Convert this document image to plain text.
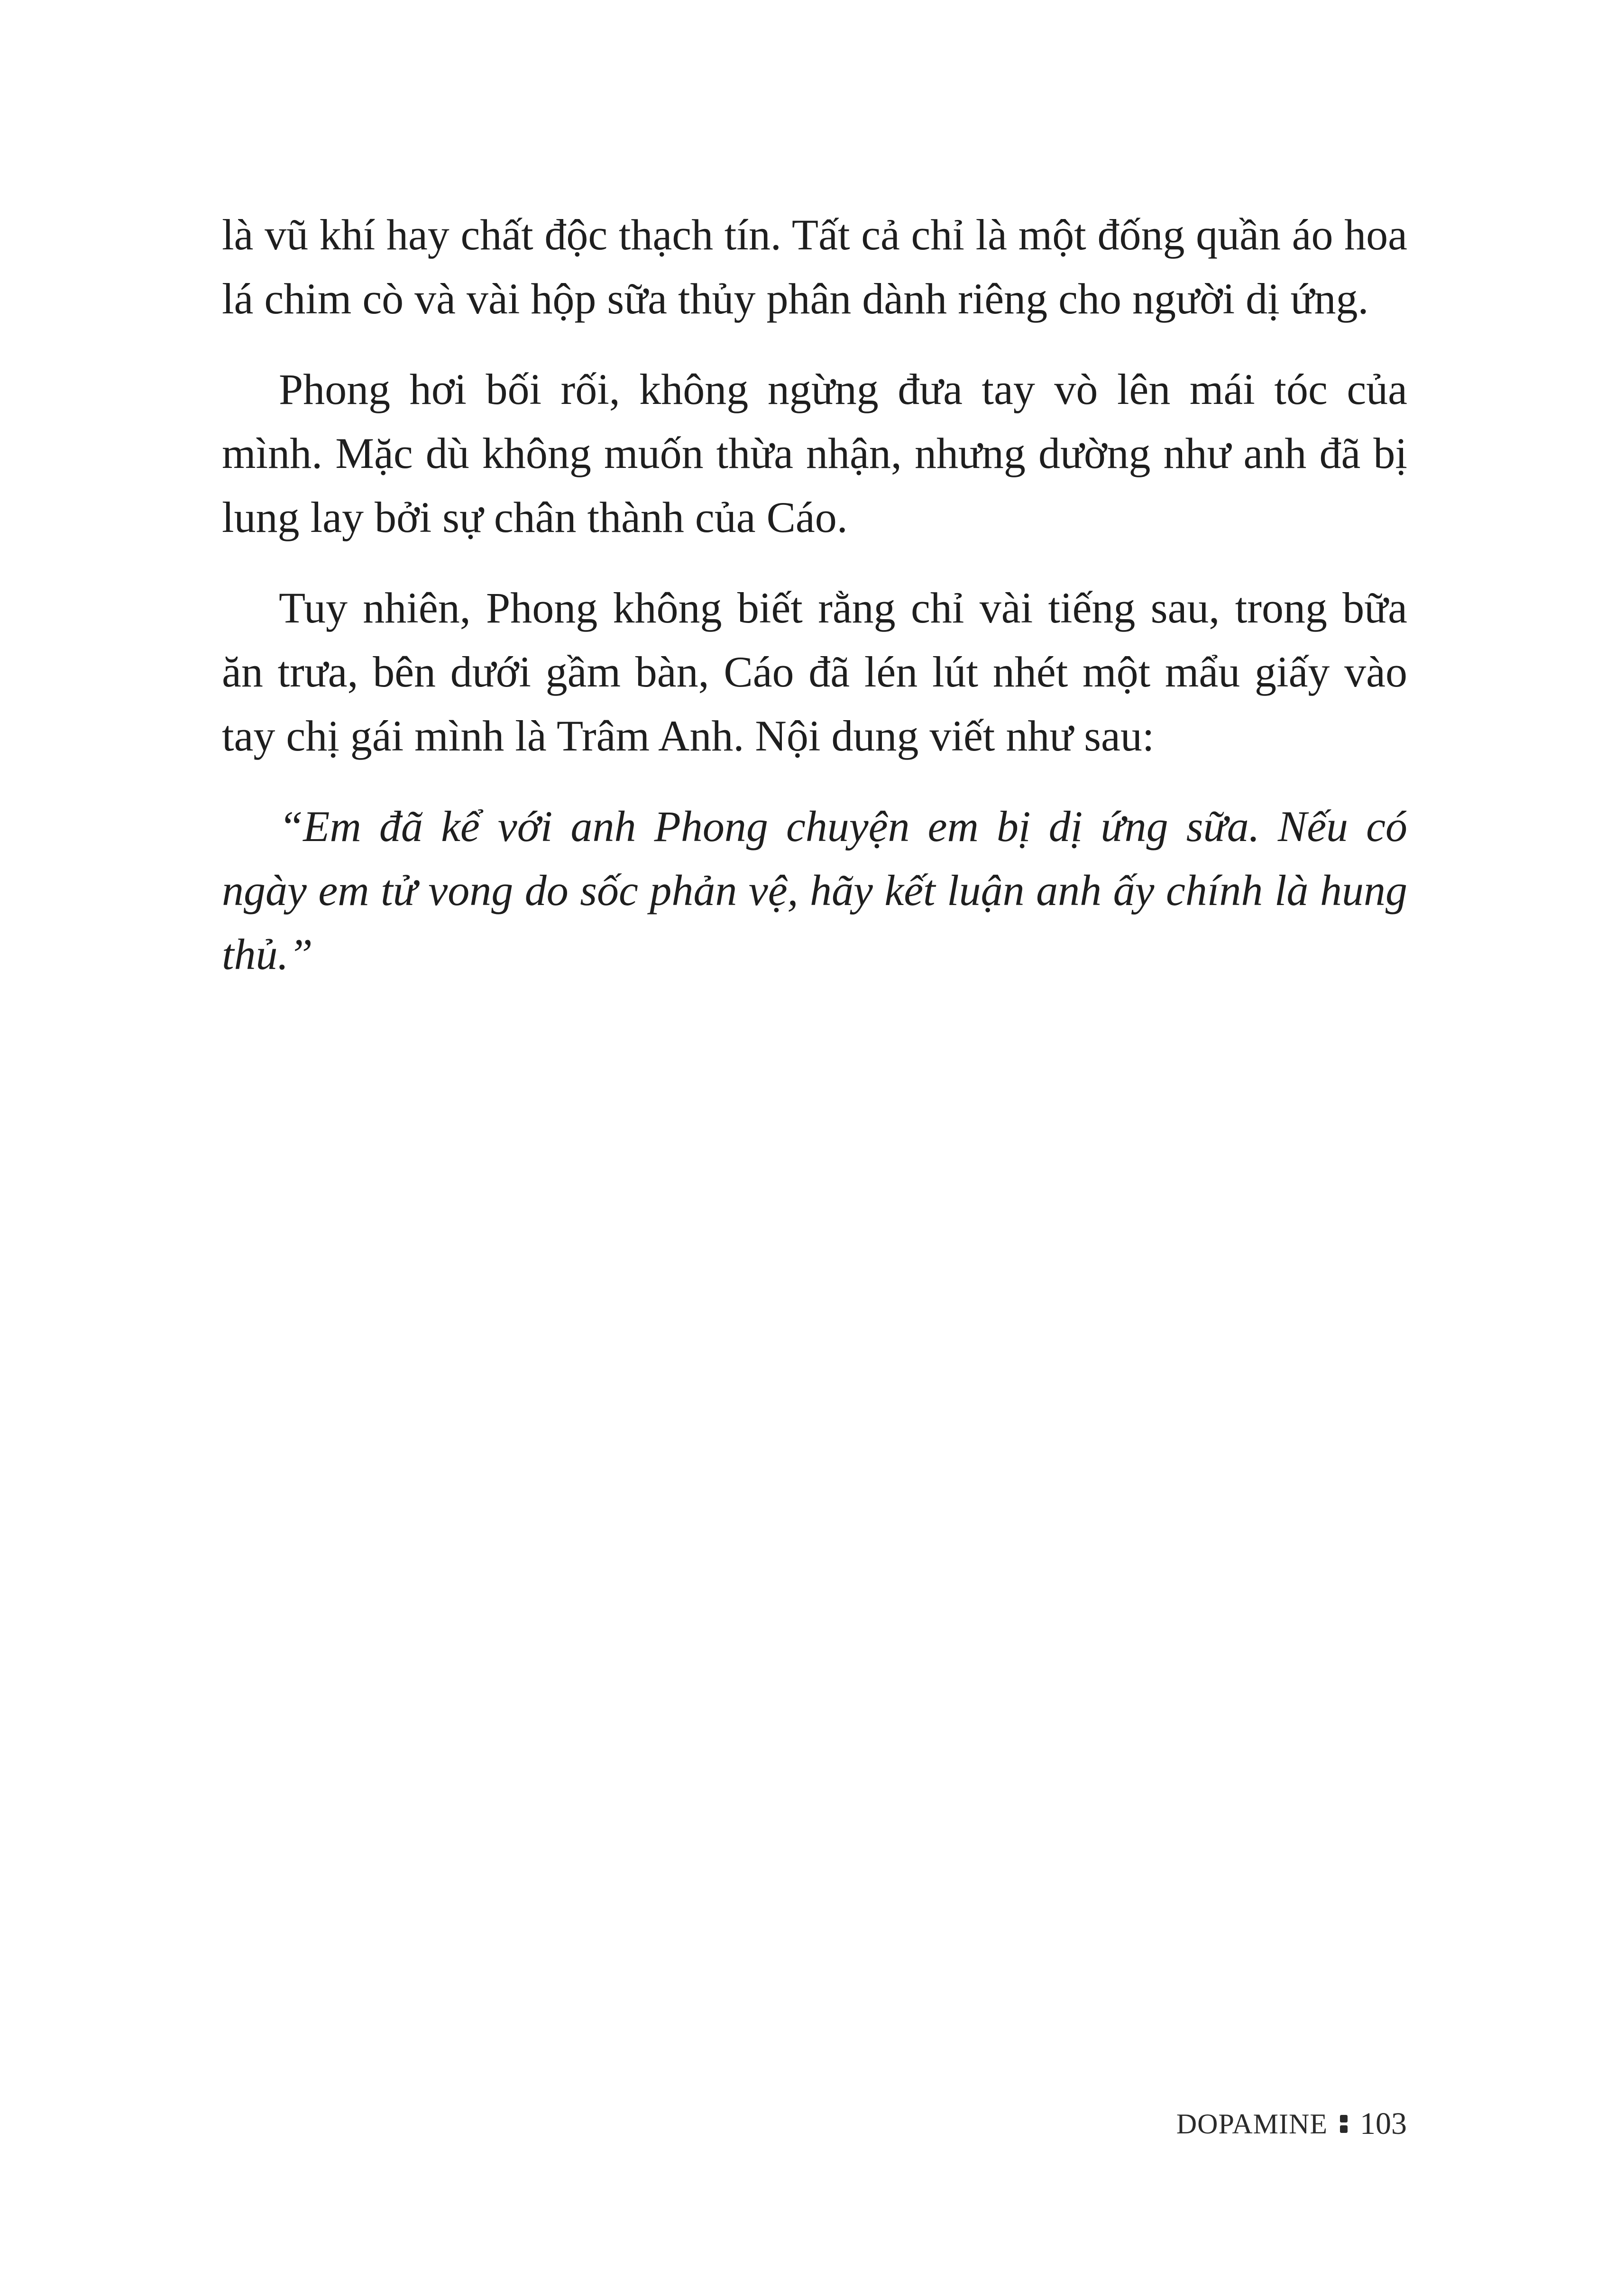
là vũ khí hay chất độc thạch tín. Tất cả chỉ là một đống quần áo hoa lá chim cò và vài hộp sữa thủy phân dành riêng cho người dị ứng.

Phong hơi bối rối, không ngừng đưa tay vò lên mái tóc của mình. Mặc dù không muốn thừa nhận, nhưng dường như anh đã bị lung lay bởi sự chân thành của Cáo.

Tuy nhiên, Phong không biết rằng chỉ vài tiếng sau, trong bữa ăn trưa, bên dưới gầm bàn, Cáo đã lén lút nhét một mẩu giấy vào tay chị gái mình là Trâm Anh. Nội dung viết như sau:

“Em đã kể với anh Phong chuyện em bị dị ứng sữa. Nếu có ngày em tử vong do sốc phản vệ, hãy kết luận anh ấy chính là hung thủ.”

DOPAMINE 103
